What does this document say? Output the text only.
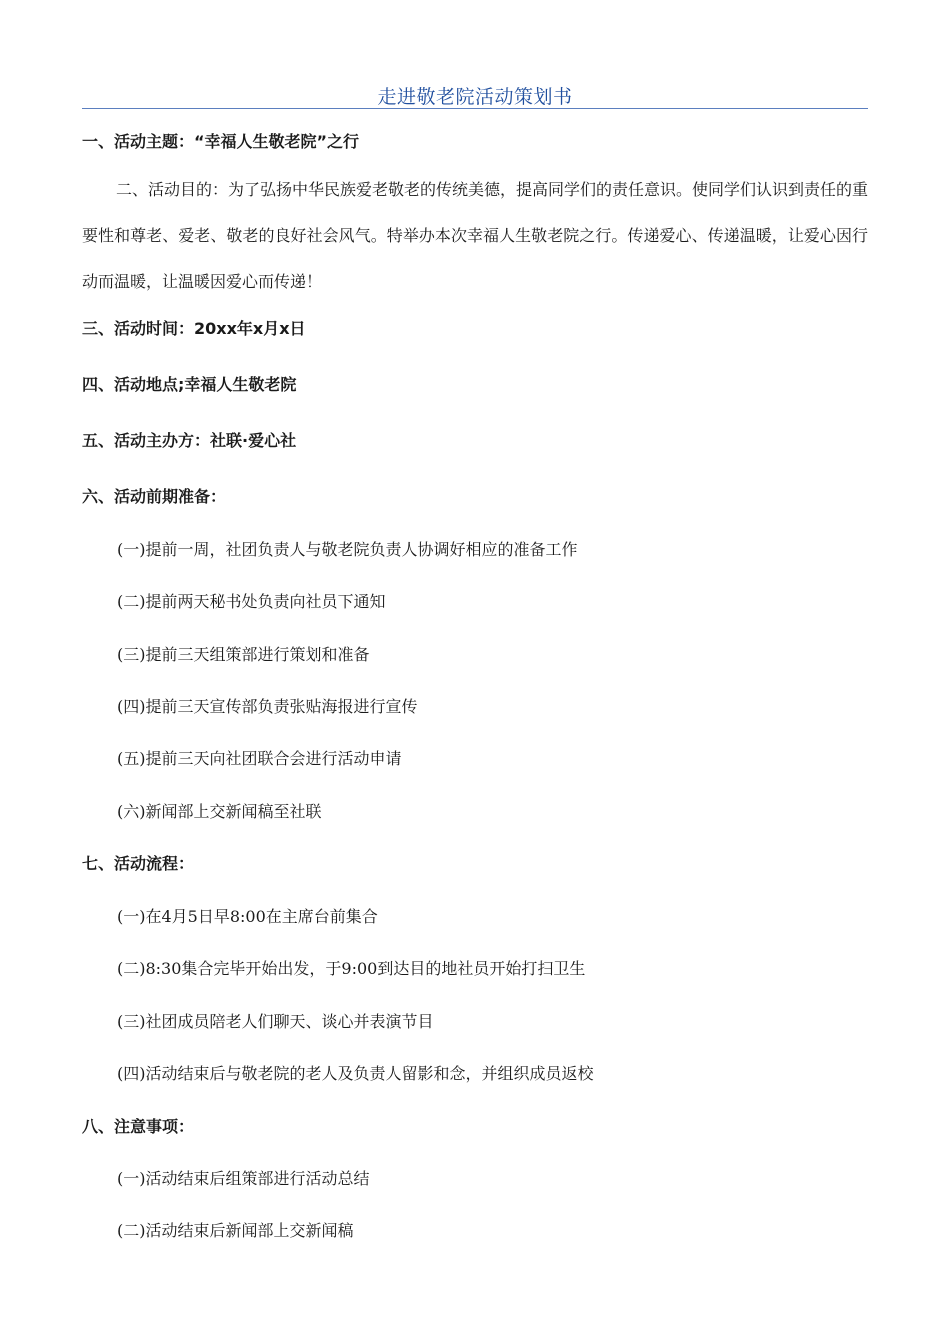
走进敬老院活动策划书
一、活动主题：“幸福人生敬老院”之行
二、活动目的：为了弘扬中华民族爱老敬老的传统美德，提高同学们的责任意识。使同学们认识到责任的重要性和尊老、爱老、敬老的良好社会风气。特举办本次幸福人生敬老院之行。传递爱心、传递温暖，让爱心因行动而温暖，让温暖因爱心而传递！
三、活动时间：20xx年x月x日
四、活动地点;幸福人生敬老院
五、活动主办方：社联·爱心社
六、活动前期准备：
(一)提前一周，社团负责人与敬老院负责人协调好相应的准备工作
(二)提前两天秘书处负责向社员下通知
(三)提前三天组策部进行策划和准备
(四)提前三天宣传部负责张贴海报进行宣传
(五)提前三天向社团联合会进行活动申请
(六)新闻部上交新闻稿至社联
七、活动流程：
(一)在4月5日早8:00在主席台前集合
(二)8:30集合完毕开始出发，于9:00到达目的地社员开始打扫卫生
(三)社团成员陪老人们聊天、谈心并表演节目
(四)活动结束后与敬老院的老人及负责人留影和念，并组织成员返校
八、注意事项：
(一)活动结束后组策部进行活动总结
(二)活动结束后新闻部上交新闻稿
